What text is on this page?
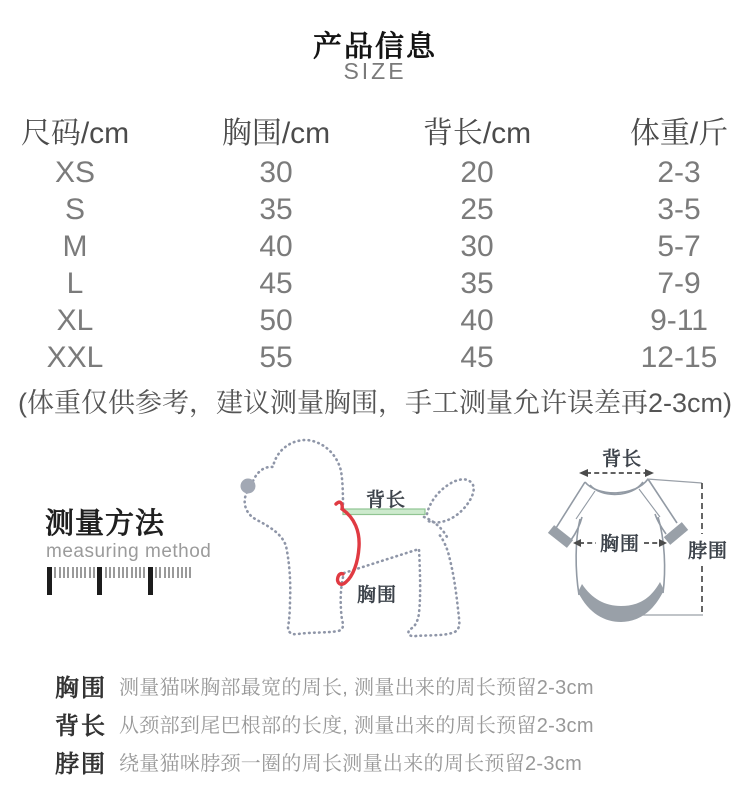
产品信息
SIZE
尺码/cm	胸围/cm	背长/cm	体重/斤
XS	30	20	2-3
S	35	25	3-5
M	40	30	5-7
L	45	35	7-9
XL	50	40	9-11
XXL	55	45	12-15
(体重仅供参考，建议测量胸围，手工测量允许误差再2-3cm)
测量方法
measuring method
背长
胸围
背长
胸围	脖围
胸围 测量猫咪胸部最宽的周长, 测量出来的周长预留2-3cm
背长 从颈部到尾巴根部的长度, 测量出来的周长预留2-3cm
脖围 绕量猫咪脖颈一圈的周长测量出来的周长预留2-3cm
